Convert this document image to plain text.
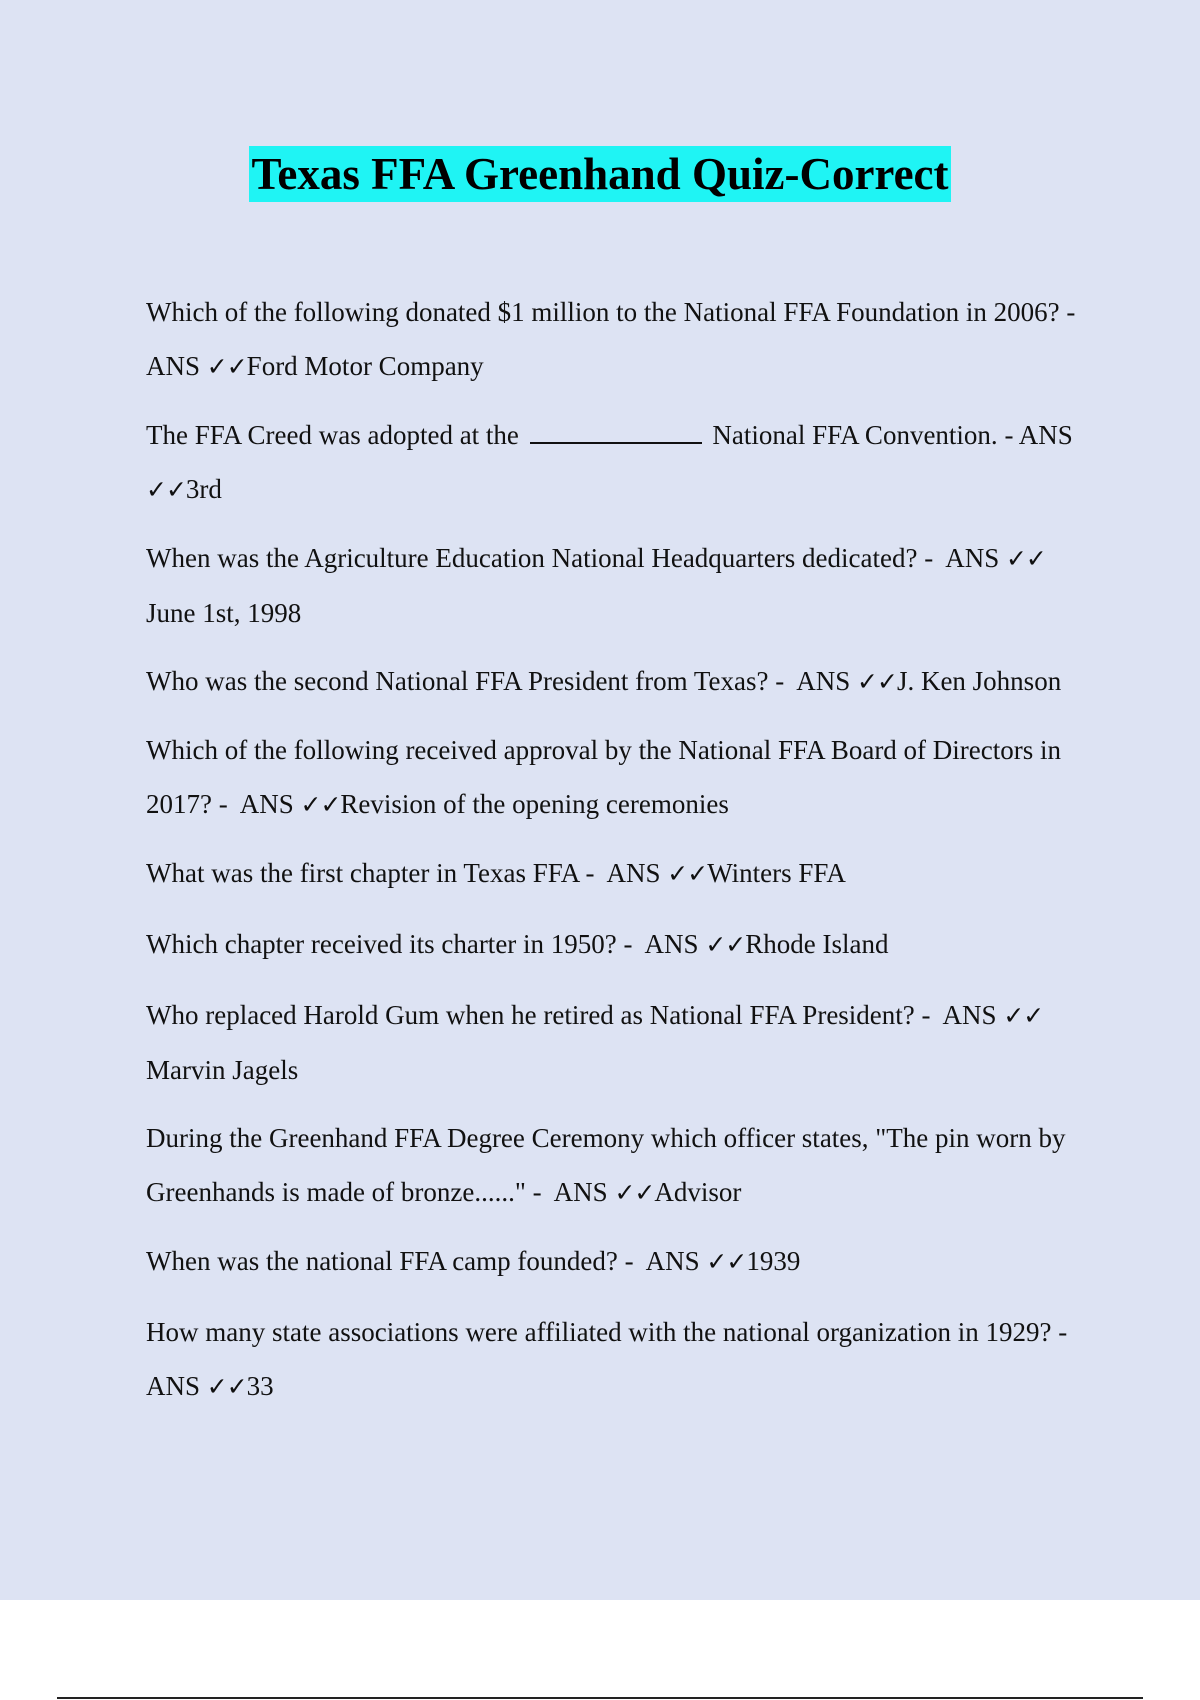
Texas FFA Greenhand Quiz-Correct

Which of the following donated $1 million to the National FFA Foundation in 2006? -  ANS ✓✓Ford Motor Company

The FFA Creed was adopted at the	National FFA Convention. - ANS ✓✓3rd

When was the Agriculture Education National Headquarters dedicated? -  ANS ✓✓June 1st, 1998

Who was the second National FFA President from Texas? -  ANS ✓✓J. Ken Johnson

Which of the following received approval by the National FFA Board of Directors in 2017? -  ANS ✓✓Revision of the opening ceremonies

What was the first chapter in Texas FFA -  ANS ✓✓Winters FFA

Which chapter received its charter in 1950? -  ANS ✓✓Rhode Island

Who replaced Harold Gum when he retired as National FFA President? -  ANS ✓✓Marvin Jagels

During the Greenhand FFA Degree Ceremony which officer states, "The pin worn by Greenhands is made of bronze......" -  ANS ✓✓Advisor

When was the national FFA camp founded? -  ANS ✓✓1939

How many state associations were affiliated with the national organization in 1929? -  ANS ✓✓33
